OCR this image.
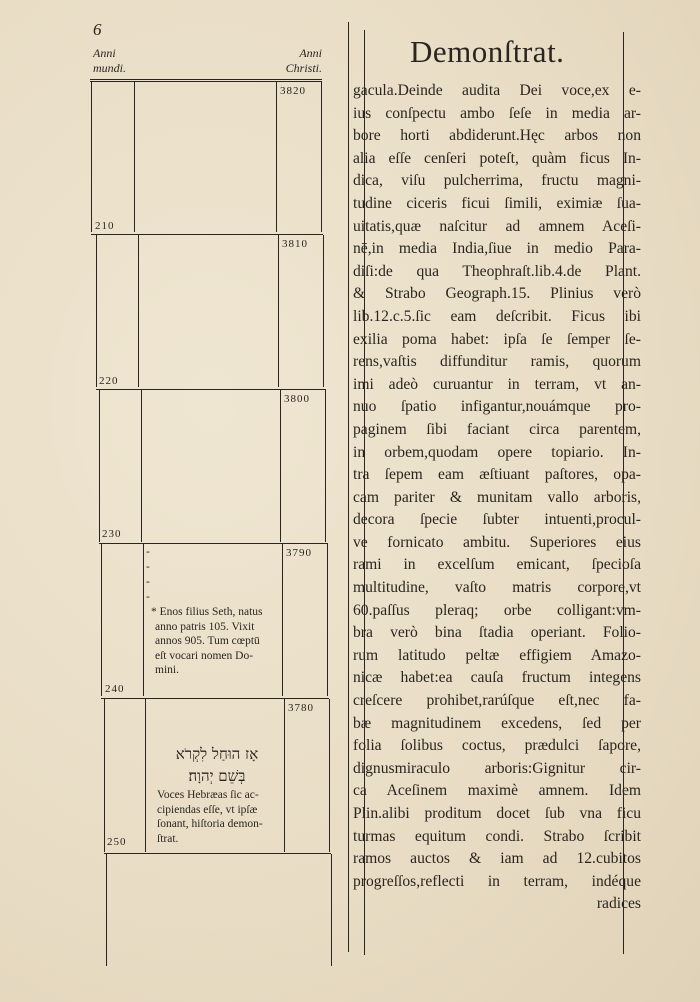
6
Anni
mundi.
Anni
Christi.
210
220
230
240
250
3820
3810
3800
3790
3780
-
-
-
-
* Enos filius Seth, natus
anno patris 105. Vixit
annos 905. Tum cœptū
eſt vocari nomen Do-
mini.
אָז הוּחַל לִקְרֹא
בְּשֵׁם יְהוָה׃
Voces Hebræas ſic ac-
cipiendas eſſe, vt ipſæ
ſonant, hiſtoria demon-
ſtrat.
Demonſtrat.
gacula.Deinde audita Dei voce,ex e-
ius conſpectu ambo ſeſe in media ar-
bore horti abdiderunt.Hęc arbos non
alia eſſe cenſeri poteſt, quàm ficus In-
dica, viſu pulcherrima, fructu magni-
tudine ciceris ficui ſimili, eximiæ ſua-
uitatis,quæ naſcitur ad amnem Aceſi-
nē,in media India,ſiue in medio Para-
diſi:de qua Theophraſt.lib.4.de Plant.
& Strabo Geograph.15. Plinius verò
lib.12.c.5.ſic eam deſcribit. Ficus ibi
exilia poma habet: ipſa ſe ſemper ſe-
rens,vaſtis diffunditur ramis, quorum
imi adeò curuantur in terram, vt an-
nuo ſpatio infigantur,nouámque pro-
paginem ſibi faciant circa parentem,
in orbem,quodam opere topiario. In-
tra ſepem eam æſtiuant paſtores, opa-
cam pariter & munitam vallo arboris,
decora ſpecie ſubter intuenti,procul-
ve fornicato ambitu. Superiores eius
rami in excelſum emicant, ſpecioſa
multitudine, vaſto matris corpore,vt
60.paſſus pleraq; orbe colligant:vm-
bra verò bina ſtadia operiant. Folio-
rum latitudo peltæ effigiem Amazo-
nicæ habet:ea cauſa fructum integens
creſcere prohibet,rarúſque eſt,nec fa-
bæ magnitudinem excedens, ſed per
folia ſolibus coctus, prædulci ſapore,
dignusmiraculo arboris:Gignitur cir-
ca Aceſinem maximè amnem. Idem
Plin.alibi proditum docet ſub vna ficu
turmas equitum condi. Strabo ſcribit
ramos auctos & iam ad 12.cubitos
progreſſos,reflecti in terram, indéque
radices
